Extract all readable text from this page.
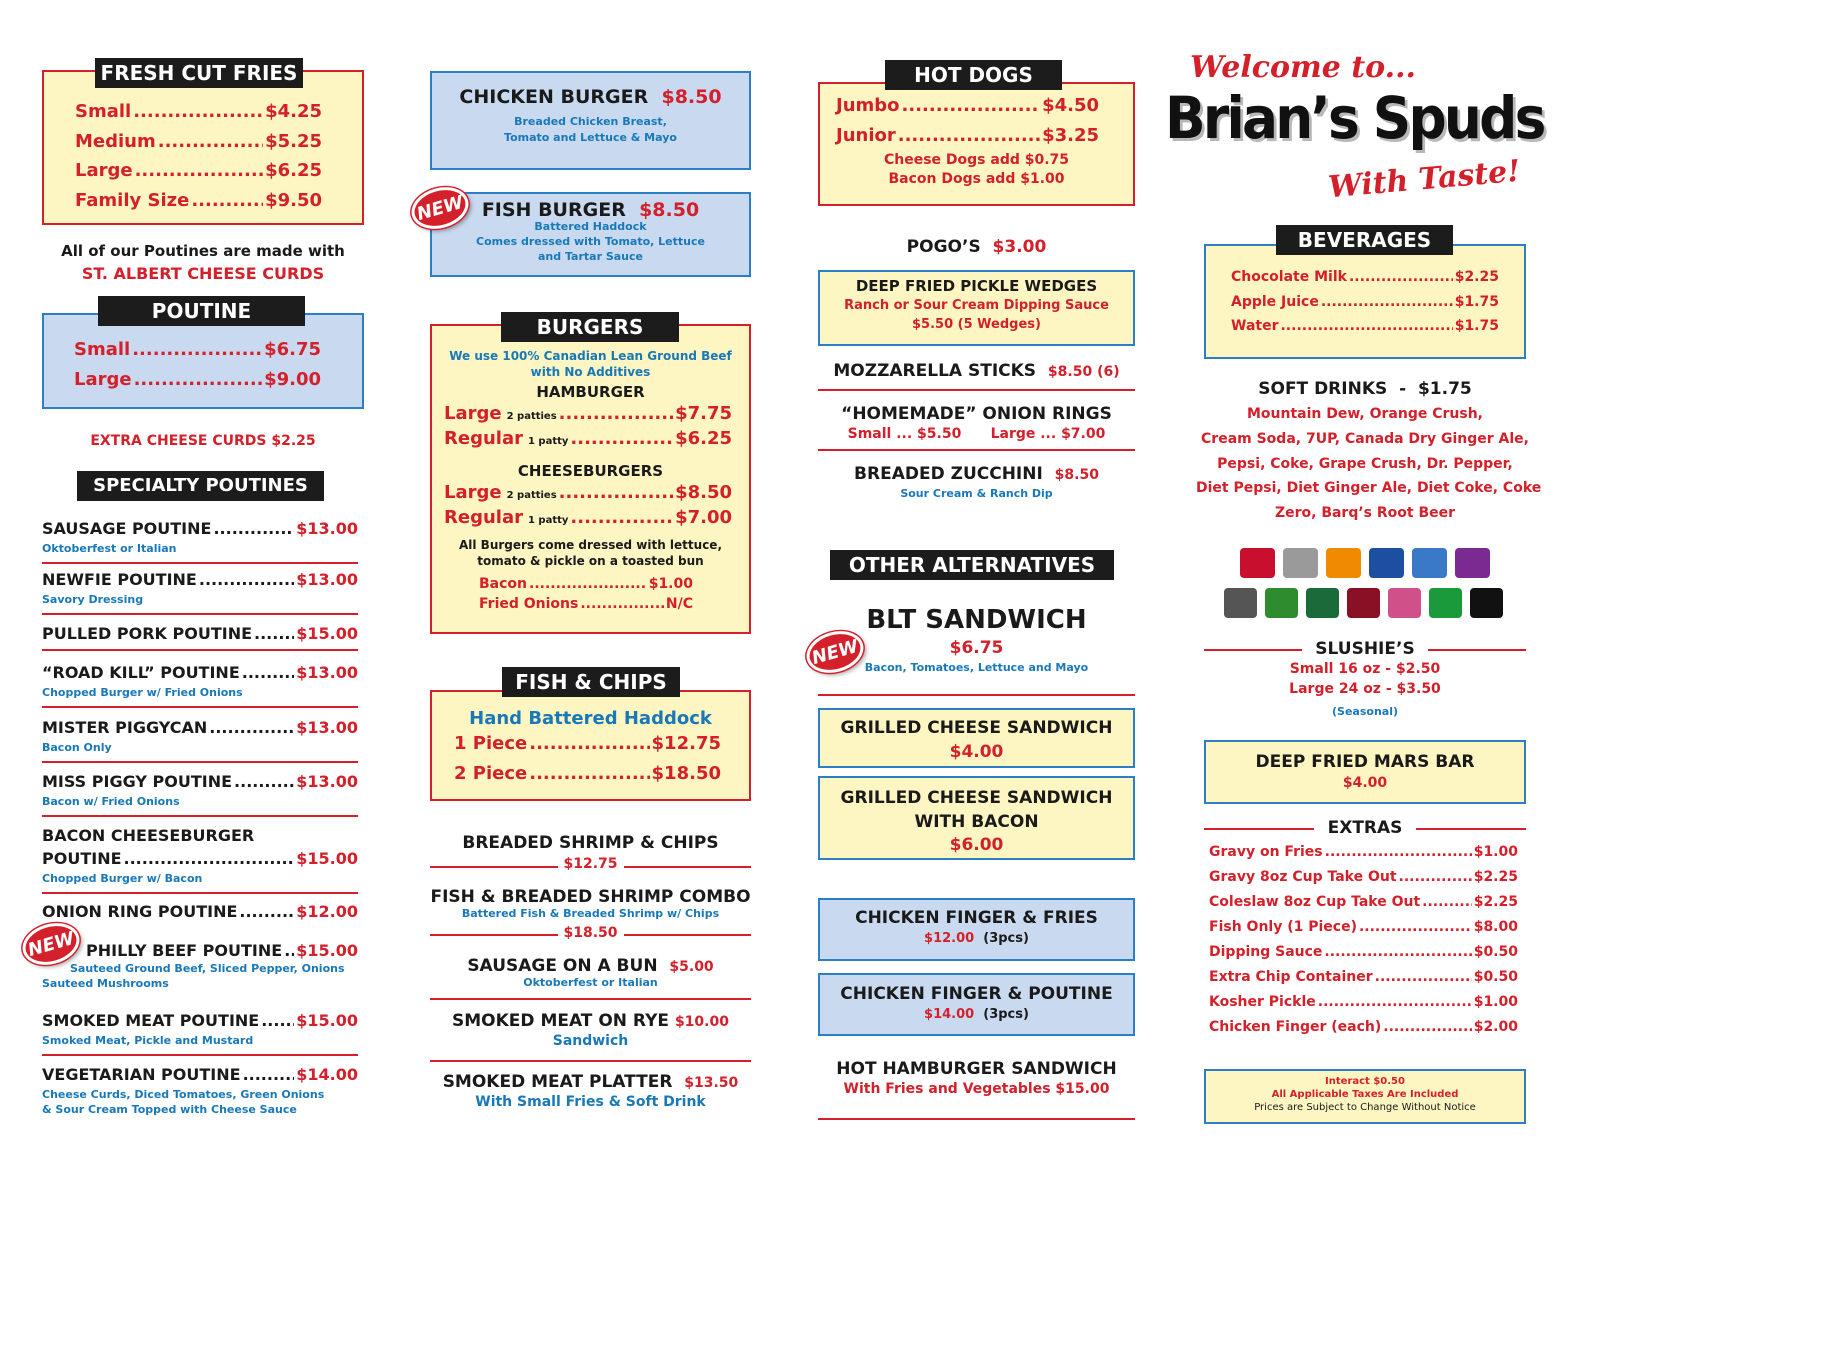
FRESH CUT FRIES
Small .....	$4.25
Medium .....	$5.25
Large .....	$6.25
Family Size .....	$9.50
All of our Poutines are made with
ST. ALBERT CHEESE CURDS
POUTINE
Small .....	$6.75
Large .....	$9.00
EXTRA CHEESE CURDS $2.25
SPECIALTY POUTINES
SAUSAGE POUTINE .....	$13.00
Oktoberfest or Italian
NEWFIE POUTINE .....	$13.00
Savory Dressing
PULLED PORK POUTINE .....	$15.00
“ROAD KILL” POUTINE .....	$13.00
Chopped Burger w/ Fried Onions
MISTER PIGGYCAN .....	$13.00
Bacon Only
MISS PIGGY POUTINE .....	$13.00
Bacon w/ Fried Onions
BACON CHEESEBURGER
POUTINE .....	$15.00
Chopped Burger w/ Bacon
ONION RING POUTINE .....	$12.00
PHILLY BEEF POUTINE ..... $15.00
Sauteed Ground Beef, Sliced Pepper, Onions
Sauteed Mushrooms
SMOKED MEAT POUTINE ..... $15.00
Smoked Meat, Pickle and Mustard
VEGETARIAN POUTINE .....	$14.00
Cheese Curds, Diced Tomatoes, Green Onions
& Sour Cream Topped with Cheese Sauce
NEW
CHICKEN BURGER $8.50
Breaded Chicken Breast,
Tomato and Lettuce & Mayo
NEW FISH BURGER $8.50
Battered Haddock
Comes dressed with Tomato, Lettuce
and Tartar Sauce
BURGERS
We use 100% Canadian Lean Ground Beef
with No Additives
HAMBURGER
Large 2 patties .....	$7.75
Regular 1 patty .....	$6.25
CHEESEBURGERS
Large 2 patties .....	$8.50
Regular 1 patty .....	$7.00
All Burgers come dressed with lettuce,
tomato & pickle on a toasted bun
Bacon .....	$1.00
Fried Onions .....	N/C
FISH & CHIPS
Hand Battered Haddock
1 Piece .....	$12.75
2 Piece .....	$18.50
BREADED SHRIMP & CHIPS
$12.75
FISH & BREADED SHRIMP COMBO
Battered Fish & Breaded Shrimp w/ Chips
$18.50
SAUSAGE ON A BUN $5.00
Oktoberfest or Italian
SMOKED MEAT ON RYE $10.00
Sandwich
SMOKED MEAT PLATTER $13.50
With Small Fries & Soft Drink
HOT DOGS
Jumbo .....	$4.50
Junior .....	$3.25
Cheese Dogs add $0.75
Bacon Dogs add $1.00
POGO’S $3.00
DEEP FRIED PICKLE WEDGES
Ranch or Sour Cream Dipping Sauce
$5.50 (5 Wedges)
MOZZARELLA STICKS $8.50 (6)
“HOMEMADE” ONION RINGS
Small ... $5.50 Large ... $7.00
BREADED ZUCCHINI $8.50
Sour Cream & Ranch Dip
OTHER ALTERNATIVES
BLT SANDWICH
$6.75
Bacon, Tomatoes, Lettuce and Mayo
NEW
GRILLED CHEESE SANDWICH
$4.00
GRILLED CHEESE SANDWICH
WITH BACON
$6.00
CHICKEN FINGER & FRIES
$12.00 (3pcs)
CHICKEN FINGER & POUTINE
$14.00 (3pcs)
HOT HAMBURGER SANDWICH
With Fries and Vegetables $15.00
Welcome to...
Brian’s Spuds
With Taste!
BEVERAGES
Chocolate Milk .....	$2.25
Apple Juice .....	$1.75
Water .....	$1.75
SOFT DRINKS  -  $1.75
Mountain Dew, Orange Crush,
Cream Soda, 7UP, Canada Dry Ginger Ale,
Pepsi, Coke, Grape Crush, Dr. Pepper,
Diet Pepsi, Diet Ginger Ale, Diet Coke, Coke
Zero, Barq’s Root Beer
SLUSHIE’S
Small 16 oz - $2.50
Large 24 oz - $3.50
(Seasonal)
DEEP FRIED MARS BAR
$4.00
EXTRAS
Gravy on Fries .....	$1.00
Gravy 8oz Cup Take Out .....	$2.25
Coleslaw 8oz Cup Take Out .....	$2.25
Fish Only (1 Piece) .....	$8.00
Dipping Sauce .....	$0.50
Extra Chip Container .....	$0.50
Kosher Pickle .....	$1.00
Chicken Finger (each) .....	$2.00
Interact $0.50
All Applicable Taxes Are Included
Prices are Subject to Change Without Notice
